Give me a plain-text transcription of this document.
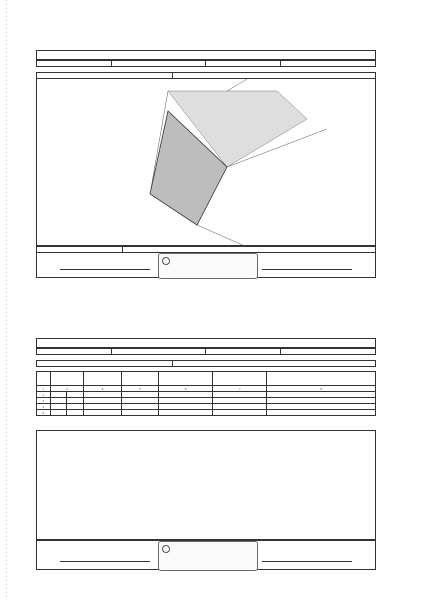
1	2		4	5	6	7	8
1							
2							
3							
4							
